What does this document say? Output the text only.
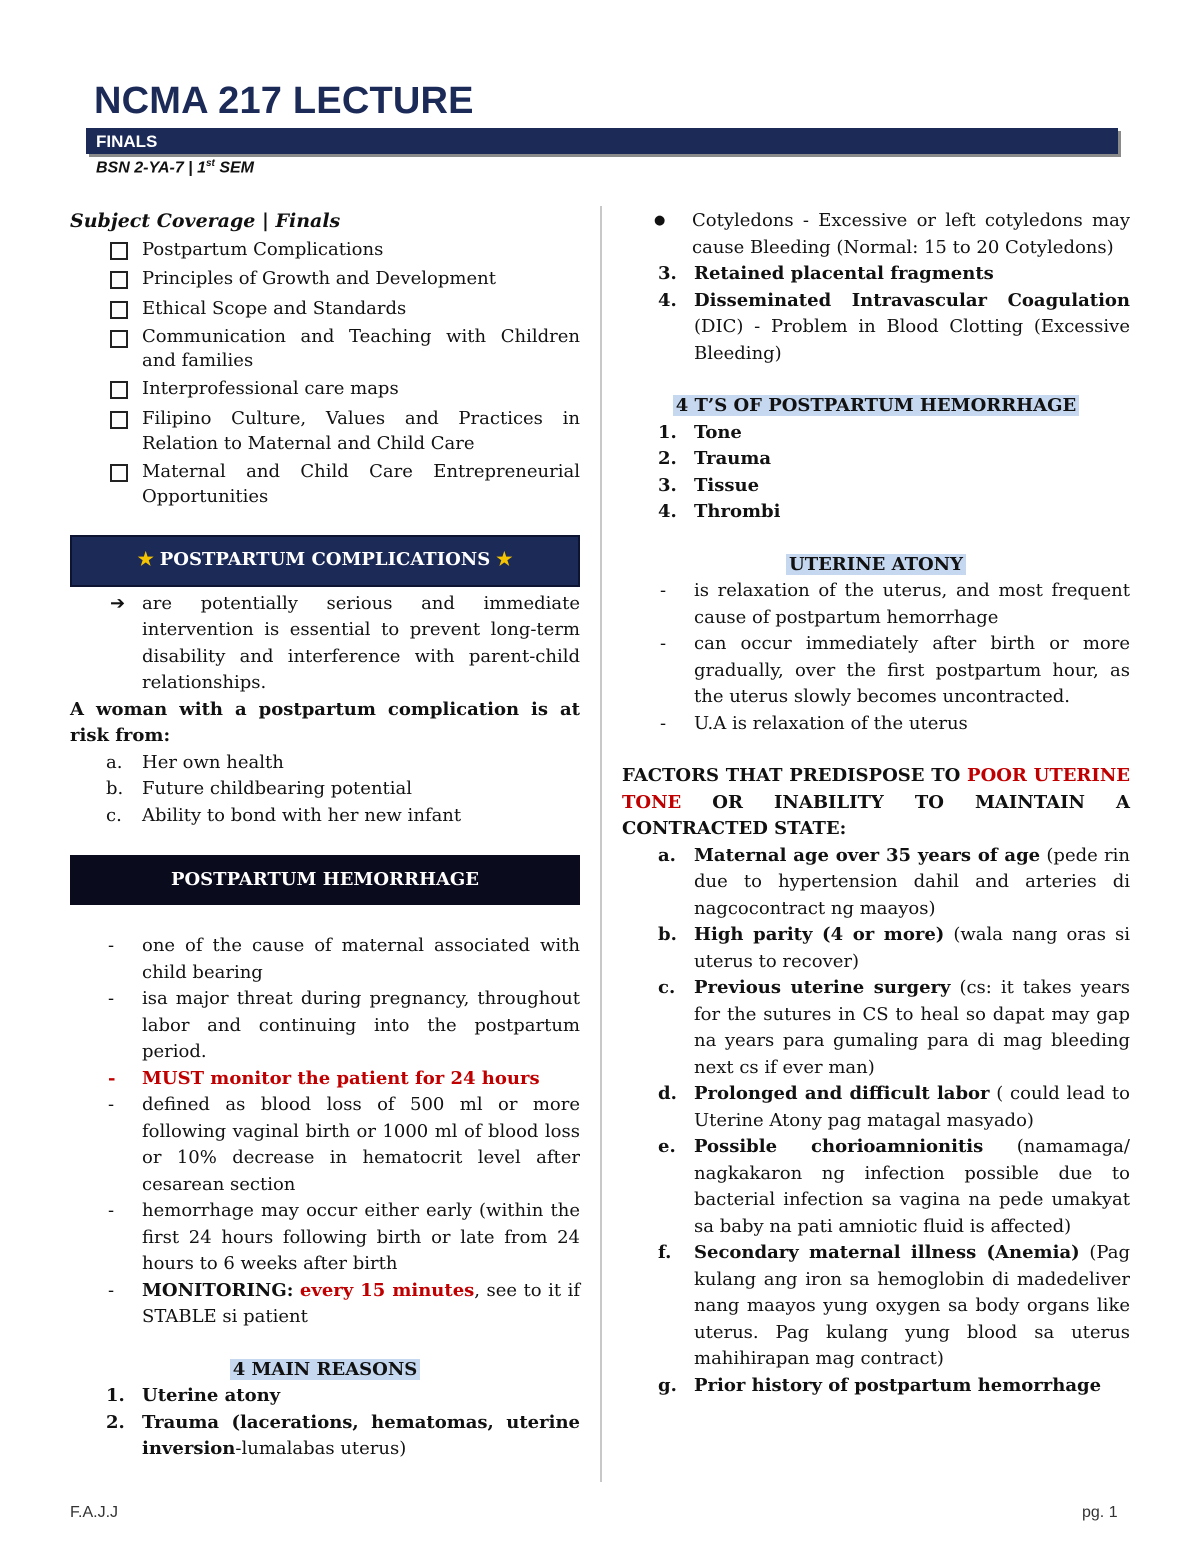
NCMA 217 LECTURE
FINALS
BSN 2-YA-7 | 1st SEM
Subject Coverage | Finals
Postpartum Complications
Principles of Growth and Development
Ethical Scope and Standards
Communication and Teaching with Children and families
Interprofessional care maps
Filipino Culture, Values and Practices in Relation to Maternal and Child Care
Maternal and Child Care Entrepreneurial Opportunities
★ POSTPARTUM COMPLICATIONS ★
➔ are potentially serious and immediate intervention is essential to prevent long-term disability and interference with parent-child relationships.
A woman with a postpartum complication is at risk from:
a. Her own health
b. Future childbearing potential
c. Ability to bond with her new infant
POSTPARTUM HEMORRHAGE
- one of the cause of maternal associated with child bearing
- isa major threat during pregnancy, throughout labor and continuing into the postpartum period.
- MUST monitor the patient for 24 hours
- defined as blood loss of 500 ml or more following vaginal birth or 1000 ml of blood loss or 10% decrease in hematocrit level after cesarean section
- hemorrhage may occur either early (within the first 24 hours following birth or late from 24 hours to 6 weeks after birth
- MONITORING: every 15 minutes, see to it if STABLE si patient
4 MAIN REASONS
1. Uterine atony
2. Trauma (lacerations, hematomas, uterine inversion-lumalabas uterus)
● Cotyledons - Excessive or left cotyledons may cause Bleeding (Normal: 15 to 20 Cotyledons)
3. Retained placental fragments
4. Disseminated Intravascular Coagulation (DIC) - Problem in Blood Clotting (Excessive Bleeding)
4 T’S OF POSTPARTUM HEMORRHAGE
1. Tone
2. Trauma
3. Tissue
4. Thrombi
UTERINE ATONY
- is relaxation of the uterus, and most frequent cause of postpartum hemorrhage
- can occur immediately after birth or more gradually, over the first postpartum hour, as the uterus slowly becomes uncontracted.
- U.A is relaxation of the uterus
FACTORS THAT PREDISPOSE TO POOR UTERINE TONE OR INABILITY TO MAINTAIN A CONTRACTED STATE:
a. Maternal age over 35 years of age (pede rin due to hypertension dahil and arteries di nagcocontract ng maayos)
b. High parity (4 or more) (wala nang oras si uterus to recover)
c. Previous uterine surgery (cs: it takes years for the sutures in CS to heal so dapat may gap na years para gumaling para di mag bleeding next cs if ever man)
d. Prolonged and difficult labor ( could lead to Uterine Atony pag matagal masyado)
e. Possible chorioamnionitis (namamaga/ nagkakaron ng infection possible due to bacterial infection sa vagina na pede umakyat sa baby na pati amniotic fluid is affected)
f. Secondary maternal illness (Anemia) (Pag kulang ang iron sa hemoglobin di madedeliver nang maayos yung oxygen sa body organs like uterus. Pag kulang yung blood sa uterus mahihirapan mag contract)
g. Prior history of postpartum hemorrhage
F.A.J.J	pg. 1
